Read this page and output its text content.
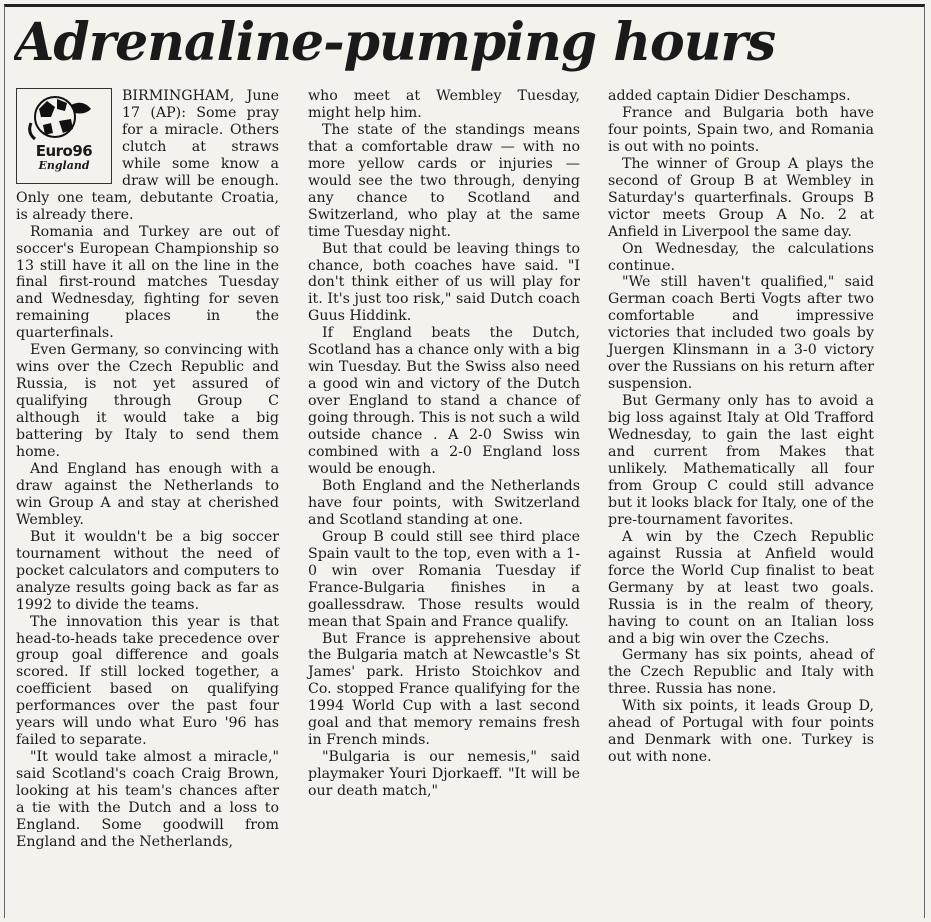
Adrenaline-pumping hours
Euro96
England

BIRMINGHAM, June 17 (AP): Some pray for a miracle. Others clutch at straws while some know a draw will be enough. Only one team, debutante Croatia, is already there.

Romania and Turkey are out of soccer's European Championship so 13 still have it all on the line in the final first-round matches Tuesday and Wednesday, fighting for seven remaining places in the quarterfinals.

Even Germany, so convincing with wins over the Czech Republic and Russia, is not yet assured of qualifying through Group C although it would take a big battering by Italy to send them home.

And England has enough with a draw against the Netherlands to win Group A and stay at cherished Wembley.

But it wouldn't be a big soccer tournament without the need of pocket calculators and computers to analyze results going back as far as 1992 to divide the teams.

The innovation this year is that head-to-heads take precedence over group goal difference and goals scored. If still locked together, a coefficient based on qualifying performances over the past four years will undo what Euro '96 has failed to separate.

"It would take almost a miracle," said Scotland's coach Craig Brown, looking at his team's chances after a tie with the Dutch and a loss to England. Some goodwill from England and the Netherlands,

who meet at Wembley Tuesday, might help him.

The state of the standings means that a comfortable draw — with no more yellow cards or injuries — would see the two through, denying any chance to Scotland and Switzerland, who play at the same time Tuesday night.

But that could be leaving things to chance, both coaches have said. "I don't think either of us will play for it. It's just too risk," said Dutch coach Guus Hiddink.

If England beats the Dutch, Scotland has a chance only with a big win Tuesday. But the Swiss also need a good win and victory of the Dutch over England to stand a chance of going through. This is not such a wild outside chance . A 2-0 Swiss win combined with a 2-0 England loss would be enough.

Both England and the Netherlands have four points, with Switzerland and Scotland standing at one.

Group B could still see third place Spain vault to the top, even with a 1-0 win over Romania Tuesday if France-Bulgaria finishes in a goallessdraw. Those results would mean that Spain and France qualify.

But France is apprehensive about the Bulgaria match at Newcastle's St James' park. Hristo Stoichkov and Co. stopped France qualifying for the 1994 World Cup with a last second goal and that memory remains fresh in French minds.

"Bulgaria is our nemesis," said playmaker Youri Djorkaeff. "It will be our death match,"

added captain Didier Deschamps.

France and Bulgaria both have four points, Spain two, and Romania is out with no points.

The winner of Group A plays the second of Group B at Wembley in Saturday's quarterfinals. Groups B victor meets Group A No. 2 at Anfield in Liverpool the same day.

On Wednesday, the calculations continue.

"We still haven't qualified," said German coach Berti Vogts after two comfortable and impressive victories that included two goals by Juergen Klinsmann in a 3-0 victory over the Russians on his return after suspension.

But Germany only has to avoid a big loss against Italy at Old Trafford Wednesday, to gain the last eight and current from Makes that unlikely. Mathematically all four from Group C could still advance but it looks black for Italy, one of the pre-tournament favorites.

A win by the Czech Republic against Russia at Anfield would force the World Cup finalist to beat Germany by at least two goals. Russia is in the realm of theory, having to count on an Italian loss and a big win over the Czechs.

Germany has six points, ahead of the Czech Republic and Italy with three. Russia has none.

With six points, it leads Group D, ahead of Portugal with four points and Denmark with one. Turkey is out with none.
